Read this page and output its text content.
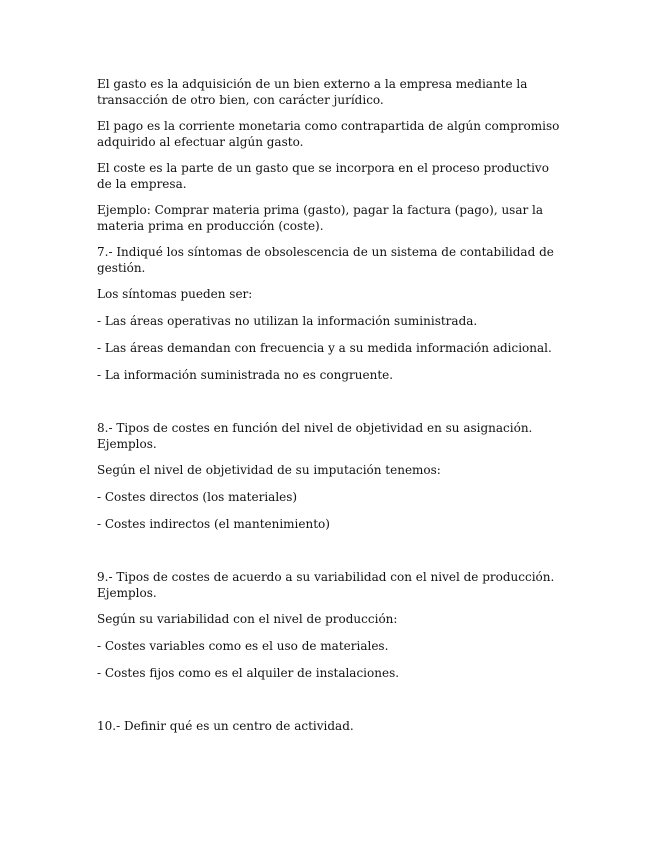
El gasto es la adquisición de un bien externo a la empresa mediante la transacción de otro bien, con carácter jurídico.

El pago es la corriente monetaria como contrapartida de algún compromiso adquirido al efectuar algún gasto.

El coste es la parte de un gasto que se incorpora en el proceso productivo de la empresa.

Ejemplo: Comprar materia prima (gasto), pagar la factura (pago), usar la materia prima en producción (coste).

7.- Indiqué los síntomas de obsolescencia de un sistema de contabilidad de gestión.

Los síntomas pueden ser:

- Las áreas operativas no utilizan la información suministrada.

- Las áreas demandan con frecuencia y a su medida información adicional.

- La información suministrada no es congruente.

8.- Tipos de costes en función del nivel de objetividad en su asignación. Ejemplos.

Según el nivel de objetividad de su imputación tenemos:

- Costes directos (los materiales)

- Costes indirectos (el mantenimiento)

9.- Tipos de costes de acuerdo a su variabilidad con el nivel de producción. Ejemplos.

Según su variabilidad con el nivel de producción:

- Costes variables como es el uso de materiales.

- Costes fijos como es el alquiler de instalaciones.

10.- Definir qué es un centro de actividad.
